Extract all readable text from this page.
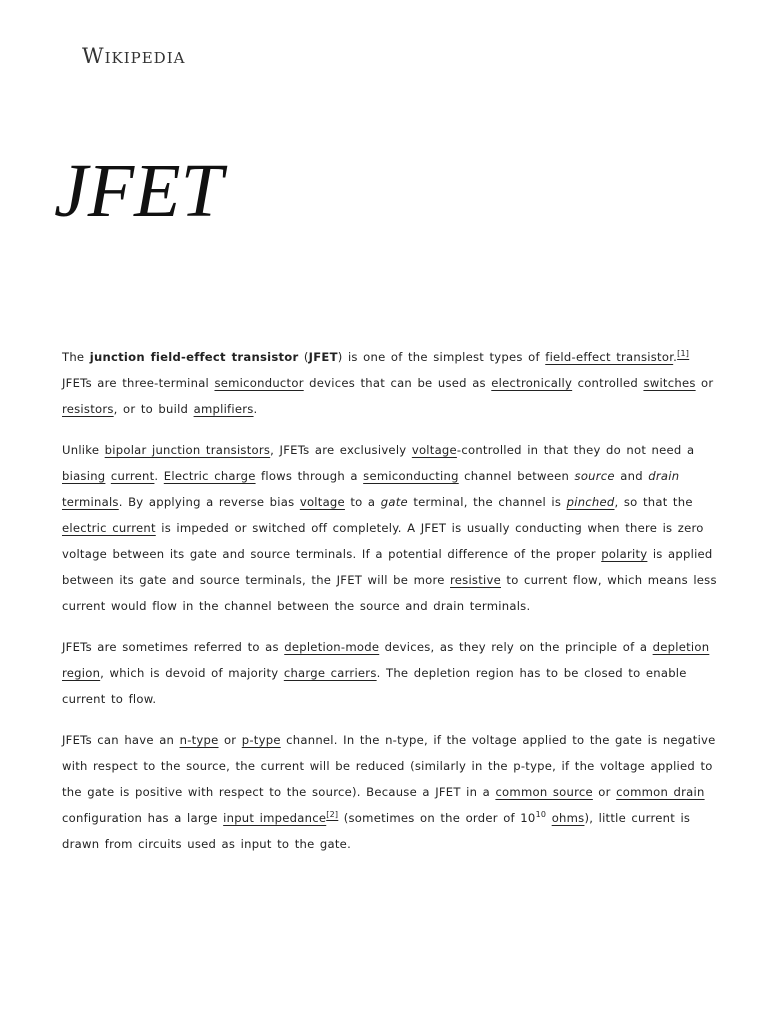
Wikipedia
JFET

The junction field-effect transistor (JFET) is one of the simplest types of field-effect transistor.[1] JFETs are three-terminal semiconductor devices that can be used as electronically controlled switches or resistors, or to build amplifiers.

Unlike bipolar junction transistors, JFETs are exclusively voltage-controlled in that they do not need a biasing current. Electric charge flows through a semiconducting channel between source and drain terminals. By applying a reverse bias voltage to a gate terminal, the channel is pinched, so that the electric current is impeded or switched off completely. A JFET is usually conducting when there is zero voltage between its gate and source terminals. If a potential difference of the proper polarity is applied between its gate and source terminals, the JFET will be more resistive to current flow, which means less current would flow in the channel between the source and drain terminals.

JFETs are sometimes referred to as depletion-mode devices, as they rely on the principle of a depletion region, which is devoid of majority charge carriers. The depletion region has to be closed to enable current to flow.

JFETs can have an n-type or p-type channel. In the n-type, if the voltage applied to the gate is negative with respect to the source, the current will be reduced (similarly in the p-type, if the voltage applied to the gate is positive with respect to the source). Because a JFET in a common source or common drain configuration has a large input impedance[2] (sometimes on the order of $10^{10}$ ohms), little current is drawn from circuits used as input to the gate.
